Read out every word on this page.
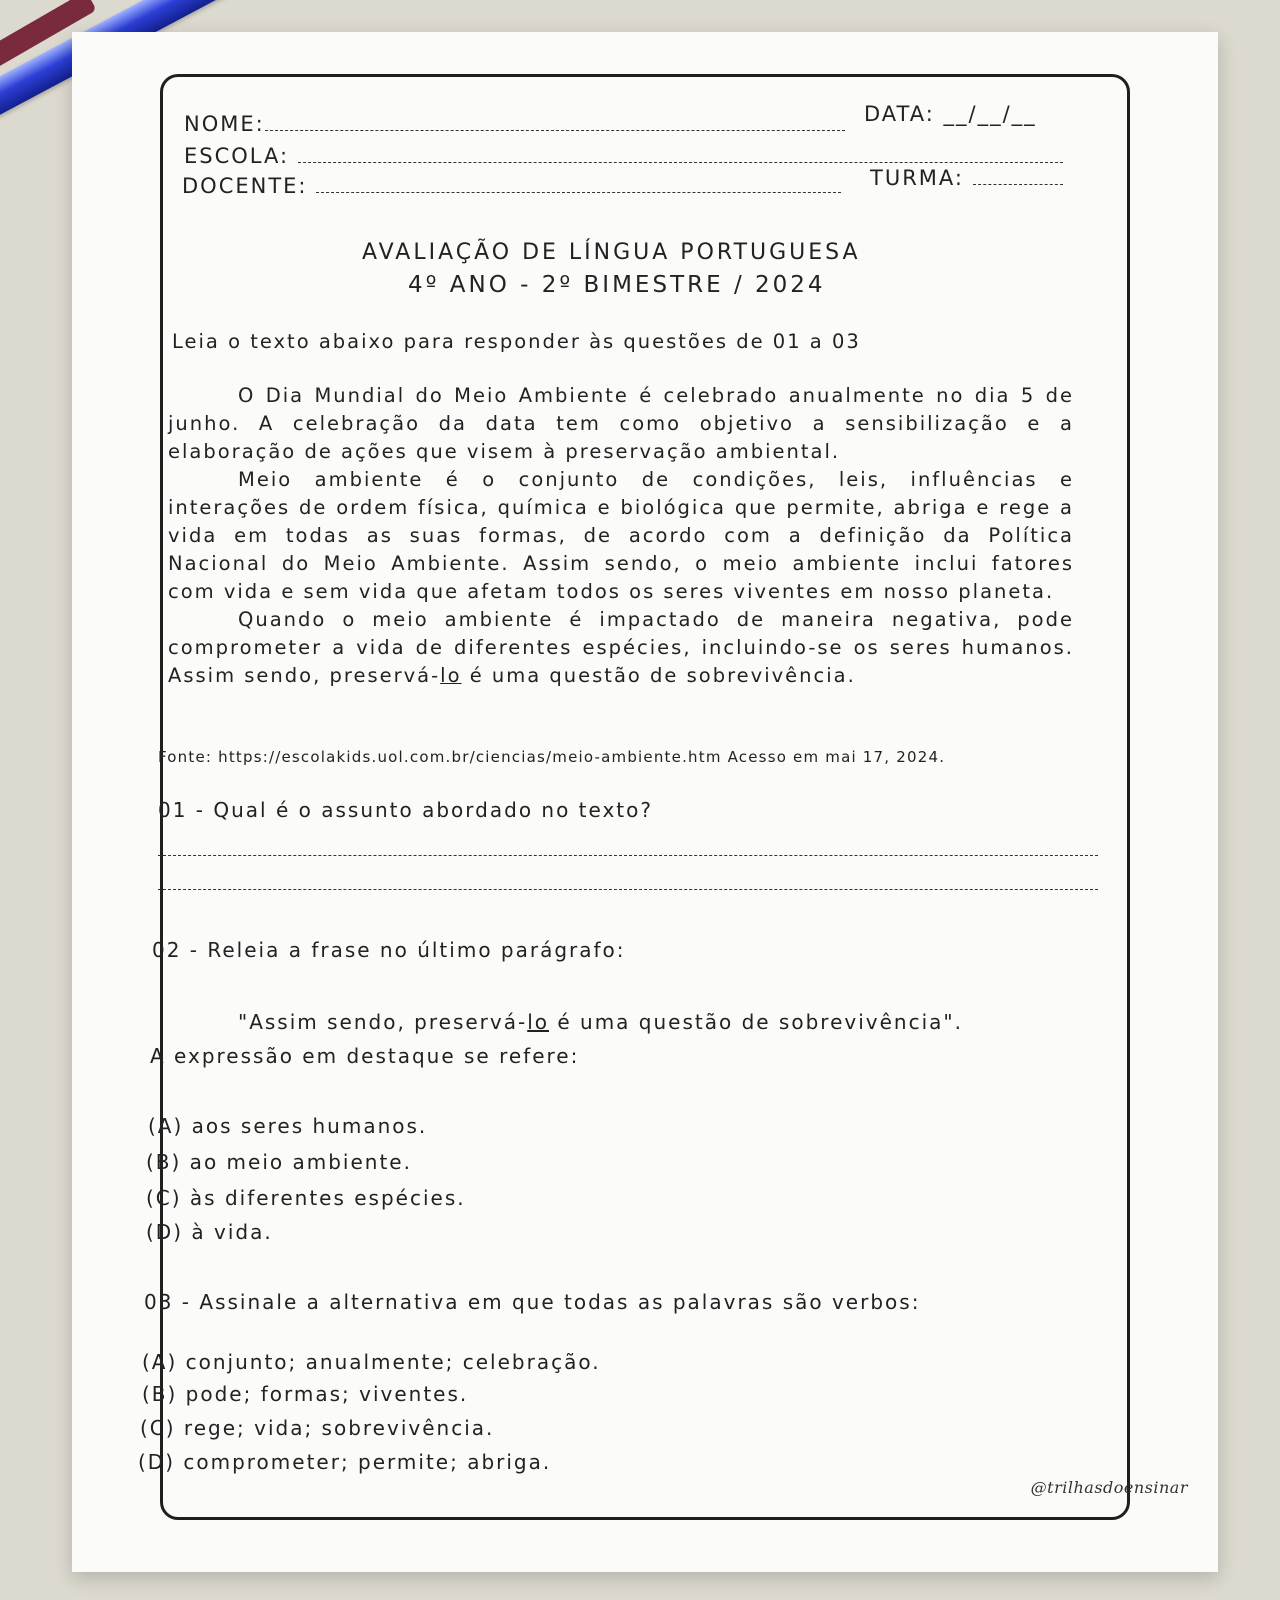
NOME:	DATA: __/__/__
ESCOLA:
DOCENTE:	TURMA:
AVALIAÇÃO DE LÍNGUA PORTUGUESA
4º ANO - 2º BIMESTRE / 2024
Leia o texto abaixo para responder às questões de 01 a 03

O Dia Mundial do Meio Ambiente é celebrado anualmente no dia 5 de junho. A celebração da data tem como objetivo a sensibilização e a elaboração de ações que visem à preservação ambiental.

Meio ambiente é o conjunto de condições, leis, influências e interações de ordem física, química e biológica que permite, abriga e rege a vida em todas as suas formas, de acordo com a definição da Política Nacional do Meio Ambiente. Assim sendo, o meio ambiente inclui fatores com vida e sem vida que afetam todos os seres viventes em nosso planeta.

Quando o meio ambiente é impactado de maneira negativa, pode comprometer a vida de diferentes espécies, incluindo-se os seres humanos. Assim sendo, preservá-lo é uma questão de sobrevivência.

Fonte: https://escolakids.uol.com.br/ciencias/meio-ambiente.htm Acesso em mai 17, 2024.
01 - Qual é o assunto abordado no texto?
02 - Releia a frase no último parágrafo:
"Assim sendo, preservá-lo é uma questão de sobrevivência".
A expressão em destaque se refere:
(A) aos seres humanos.
(B) ao meio ambiente.
(C) às diferentes espécies.
(D) à vida.
03 - Assinale a alternativa em que todas as palavras são verbos:
(A) conjunto; anualmente; celebração.
(B) pode; formas; viventes.
(C) rege; vida; sobrevivência.
(D) comprometer; permite; abriga.
@trilhasdoensinar
